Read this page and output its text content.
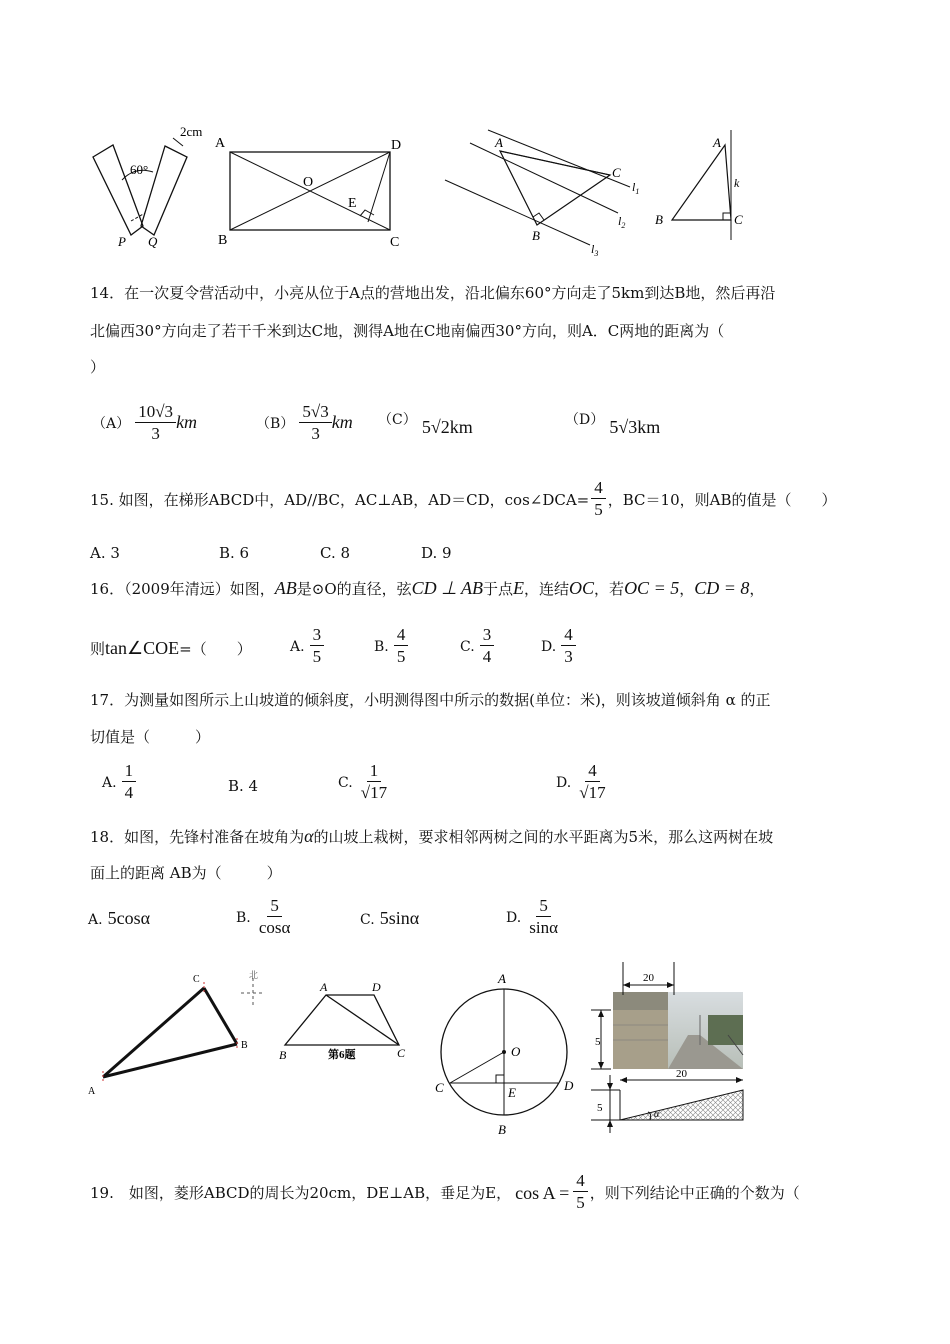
60°
2cm
P Q
A	D
B	C
O
E
A
B
C
$l_1$
$l_2$
$l_3$
A
B	C
k
14．在一次夏令营活动中，小亮从位于A点的营地出发，沿北偏东60°方向走了5km到达B地，然后再沿
北偏西30°方向走了若干千米到达C地，测得A地在C地南偏西30°方向，则A．C两地的距离为（
）
$(A) \frac{10√3}{3}$ km	$(B) \frac{5√3}{3}$ km （C） 5√2km	（D） 5√3km
15. 如图，在梯形ABCD中，AD//BC，AC⊥AB，AD＝CD，cos∠DCA= $\frac{4}{5}$ ，BC＝10，则AB的值是（　　）
A. 3	B. 6	C. 8	D. 9
16．（2009年清远）如图，AB是⊙O的直径，弦CD ⊥ AB于点E，连结OC，若OC = 5，CD = 8，
则tan∠COE=（　　）	A. $\frac{3}{5}$	B. $\frac{4}{5}$	C. $\frac{3}{4}$	D. $\frac{4}{3}$
17．为测量如图所示上山坡道的倾斜度，小明测得图中所示的数据(单位：米)，则该坡道倾斜角 α 的正
切值是（　　　）
A. $\frac{1}{4}$	B. 4	C. $\frac{1}{√17}$	D. $\frac{4}{√17}$
18．如图，先锋村准备在坡角为α的山坡上栽树，要求相邻两树之间的水平距离为5米，那么这两树在坡
面上的距离 AB为（　　　）
A. 5cosα	B. $\frac{5}{\cos\alpha}$	C. 5sinα	D. $\frac{5}{\sin\alpha}$
北
C
B
A
A	D
B	C
第6题
A
B
C	D
O
E
20
5
20
5
α
19.　如图，菱形ABCD的周长为20cm，DE⊥AB，垂足为E， $\cos A = \frac{4}{5}$ ，则下列结论中正确的个数为（
